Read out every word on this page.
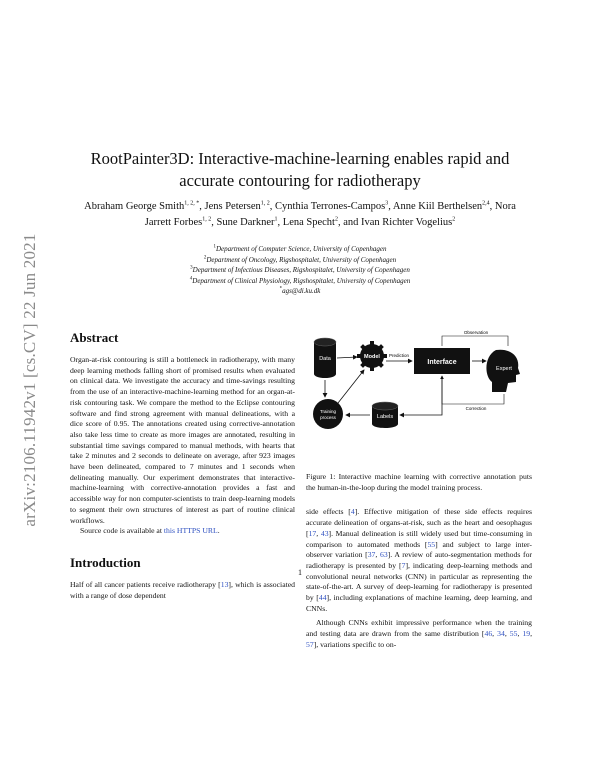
arXiv:2106.11942v1 [cs.CV] 22 Jun 2021
RootPainter3D: Interactive-machine-learning enables rapid and
accurate contouring for radiotherapy
Abraham George Smith$^{1, 2, *}$, Jens Petersen$^{1, 2}$, Cynthia Terrones-Campos$^3$, Anne Kiil Berthelsen$^{2,4}$, Nora Jarrett Forbes$^{1, 2}$, Sune Darkner$^1$, Lena Specht$^2$, and Ivan Richter Vogelius$^2$
$^1$Department of Computer Science, University of Copenhagen
$^2$Department of Oncology, Rigshospitalet, University of Copenhagen
$^3$Department of Infectious Diseases, Rigshospitalet, University of Copenhagen
$^4$Department of Clinical Physiology, Rigshospitalet, University of Copenhagen
*ags@di.ku.dk
Abstract

Organ-at-risk contouring is still a bottleneck in radiotherapy, with many deep learning methods falling short of promised results when evaluated on clinical data. We investigate the accuracy and time-savings resulting from the use of an interactive-machine-learning method for an organ-at-risk contouring task. We compare the method to the Eclipse contouring software and find strong agreement with manual delineations, with a dice score of 0.95. The annotations created using corrective-annotation also take less time to create as more images are annotated, resulting in substantial time savings compared to manual methods, with hearts that take 2 minutes and 2 seconds to delineate on average, after 923 images have been delineated, compared to 7 minutes and 1 seconds when delineating manually. Our experiment demonstrates that interactive-machine-learning with corrective-annotation provides a fast and accessible way for non computer-scientists to train deep-learning models to segment their own structures of interest as part of routine clinical workflows.

Source code is available at this HTTPS URL.

Introduction

Half of all cancer patients receive radiotherapy [13], which is associated with a range of dose dependent

Data	Model
Interface
Expert
Training
process	Labels
Prediction
Observation
Correction

Figure 1: Interactive machine learning with corrective annotation puts the human-in-the-loop during the model training process.

side effects [4]. Effective mitigation of these side effects requires accurate delineation of organs-at-risk, such as the heart and oesophagus [17, 43]. Manual delineation is still widely used but time-consuming in comparison to automated methods [55] and subject to large inter-observer variation [37, 63]. A review of auto-segmentation methods for radiotherapy is presented by [7], indicating deep-learning methods and convolutional neural networks (CNN) in particular as representing the state-of-the-art. A survey of deep-learning for radiotherapy is presented by [44], including explanations of machine learning, deep learning, and CNNs.

Although CNNs exhibit impressive performance when the training and testing data are drawn from the same distribution [46, 34, 55, 19, 57], variations specific to on-

1
